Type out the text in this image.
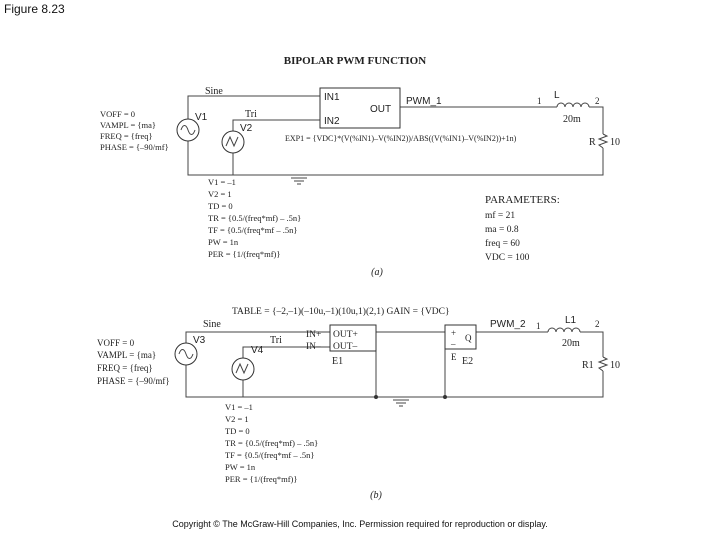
Figure 8.23
BIPOLAR PWM FUNCTION
V1
Sine
V2
Tri
IN1
IN2
OUT
PWM_1	1	2
L
20m
R 10
EXP1 = {VDC}*(V(%IN1)–V(%IN2))/ABS((V(%IN1)–V(%IN2))+1n)
VOFF = 0
VAMPL = {ma}
FREQ = {freq}
PHASE = {–90/mf}
V1 = –1
V2 = 1
TD = 0
TR = {0.5/(freq*mf) – .5n}
TF = {0.5/(freq*mf – .5n}
PW = 1n
PER = {1/(freq*mf)}
PARAMETERS:
mf = 21
ma = 0.8
freq = 60
VDC = 100
(a)
TABLE = {–2,–1)(–10u,–1)(10u,1)(2,1) GAIN = {VDC}
V3
Sine
V4
Tri	IN+
IN–
OUT+
OUT–
E1
+
–
Q
E E2
PWM_2 1	2
L1
20m
R1 10
VOFF = 0
VAMPL = {ma}
FREQ = {freq}
PHASE = {–90/mf}
V1 = –1
V2 = 1
TD = 0
TR = {0.5/(freq*mf) – .5n}
TF = {0.5/(freq*mf – .5n}
PW = 1n
PER = {1/(freq*mf)}
(b)
Copyright © The McGraw-Hill Companies, Inc. Permission required for reproduction or display.
